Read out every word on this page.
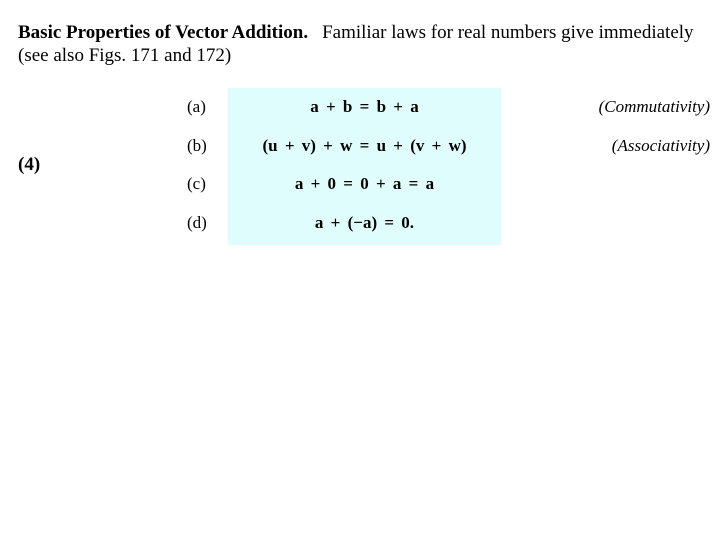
Basic Properties of Vector Addition. Familiar laws for real numbers give immediately
(see also Figs. 171 and 172)
(4)
(a)	a + b = b + a	(Commutativity)
(b)	(u + v) + w = u + (v + w)	(Associativity)
(c)	a + 0 = 0 + a = a
(d)	a + (−a) = 0.
